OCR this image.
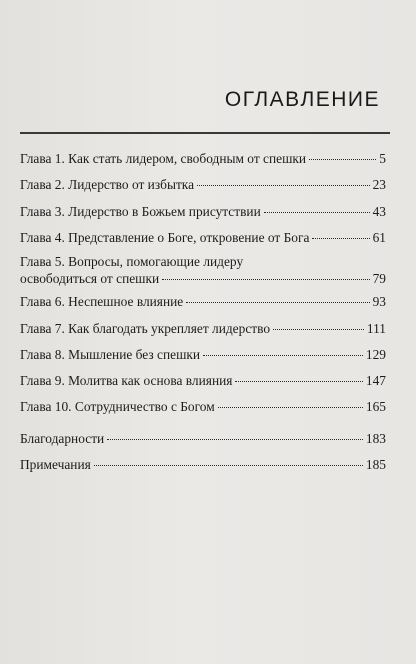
ОГЛАВЛЕНИЕ
Глава 1. Как стать лидером, свободным от спешки	5
Глава 2. Лидерство от избытка	23
Глава 3. Лидерство в Божьем присутствии	43
Глава 4. Представление о Боге, откровение от Бога	61
Глава 5. Вопросы, помогающие лидеру
освободиться от спешки	79
Глава 6. Неспешное влияние	93
Глава 7. Как благодать укрепляет лидерство	111
Глава 8. Мышление без спешки	129
Глава 9. Молитва как основа влияния	147
Глава 10. Сотрудничество с Богом	165
Благодарности	183
Примечания	185
